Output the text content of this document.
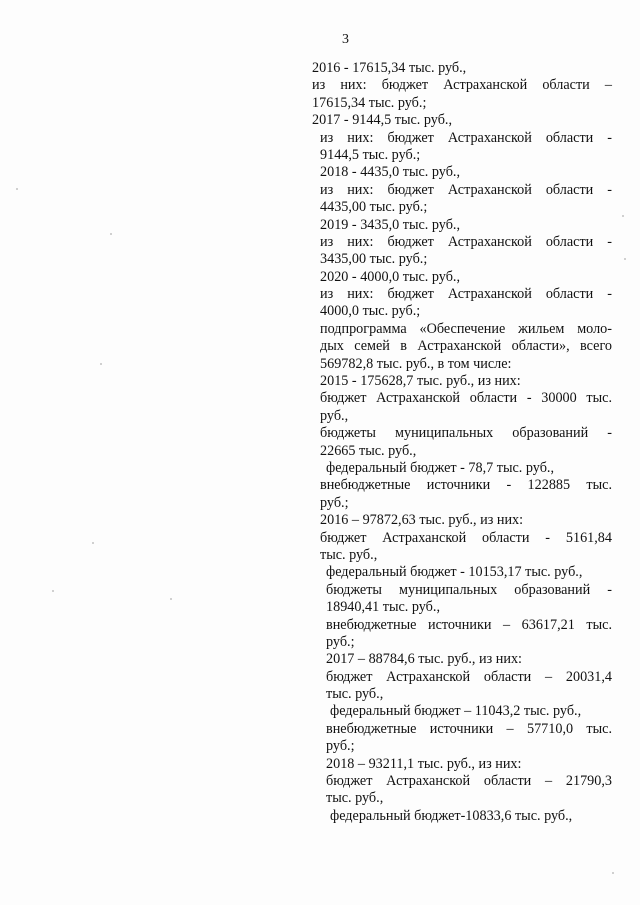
3
2016 - 17615,34 тыс. руб.,
из них: бюджет Астраханской области –
17615,34 тыс. руб.;
2017 - 9144,5 тыс. руб.,
из них: бюджет Астраханской области -
9144,5 тыс. руб.;
2018 - 4435,0 тыс. руб.,
из них: бюджет Астраханской области -
4435,00 тыс. руб.;
2019 - 3435,0 тыс. руб.,
из них: бюджет Астраханской области -
3435,00 тыс. руб.;
2020 - 4000,0 тыс. руб.,
из них: бюджет Астраханской области -
4000,0 тыс. руб.;
подпрограмма «Обеспечение жильем моло-
дых семей в Астраханской области», всего
569782,8 тыс. руб., в том числе:
2015 - 175628,7 тыс. руб., из них:
бюджет Астраханской области - 30000 тыс.
руб.,
бюджеты муниципальных образований -
22665 тыс. руб.,
федеральный бюджет - 78,7 тыс. руб.,
внебюджетные источники - 122885 тыс.
руб.;
2016 – 97872,63 тыс. руб., из них:
бюджет Астраханской области - 5161,84
тыс. руб.,
федеральный бюджет - 10153,17 тыс. руб.,
бюджеты муниципальных образований -
18940,41 тыс. руб.,
внебюджетные источники – 63617,21 тыс.
руб.;
2017 – 88784,6 тыс. руб., из них:
бюджет Астраханской области – 20031,4
тыс. руб.,
федеральный бюджет – 11043,2 тыс. руб.,
внебюджетные источники – 57710,0 тыс.
руб.;
2018 – 93211,1 тыс. руб., из них:
бюджет Астраханской области – 21790,3
тыс. руб.,
федеральный бюджет-10833,6 тыс. руб.,
